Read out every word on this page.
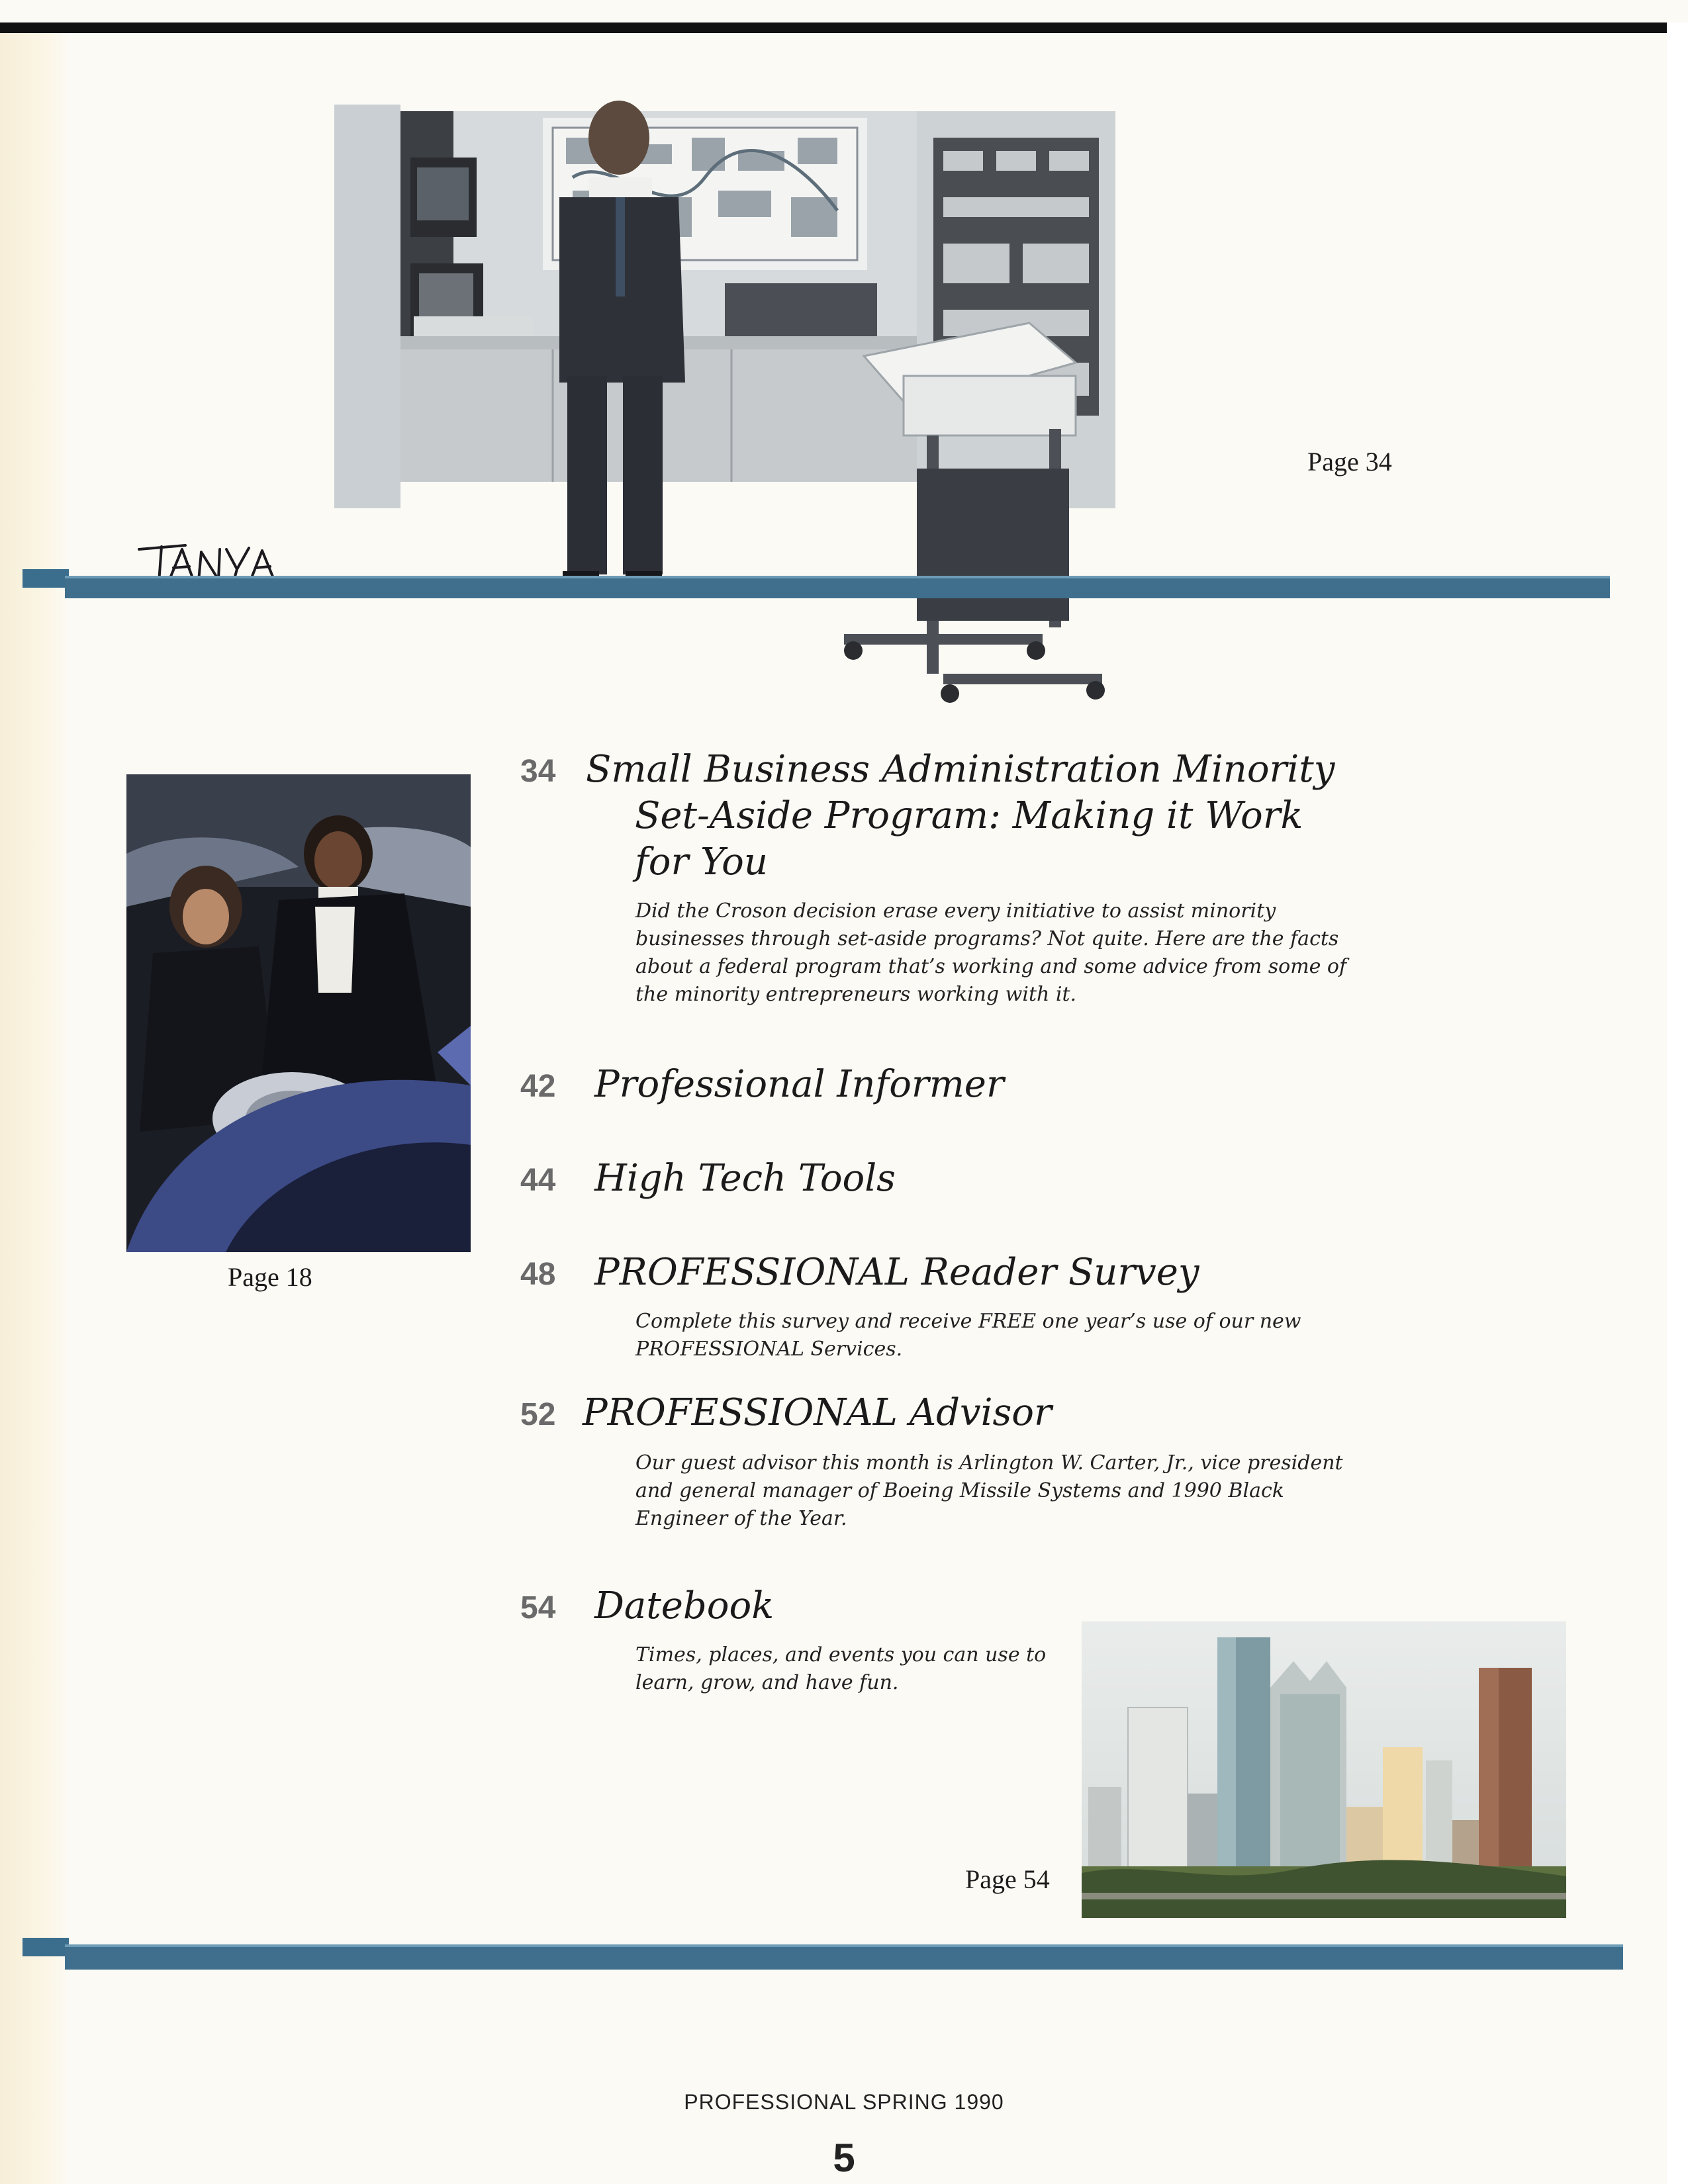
Page 34
Page 18
34 Small Business Administration Minority
Set-Aside Program: Making it Work
for You
Did the Croson decision erase every initiative to assist minority businesses through set-aside programs? Not quite. Here are the facts about a federal program that’s working and some advice from some of the minority entrepreneurs working with it.
42 Professional Informer
44 High Tech Tools
48 PROFESSIONAL Reader Survey
Complete this survey and receive FREE one year’s use of our new PROFESSIONAL Services.
52 PROFESSIONAL Advisor
Our guest advisor this month is Arlington W. Carter, Jr., vice president and general manager of Boeing Missile Systems and 1990 Black Engineer of the Year.
54 Datebook
Times, places, and events you can use to learn, grow, and have fun.
Page 54
PROFESSIONAL SPRING 1990
5
